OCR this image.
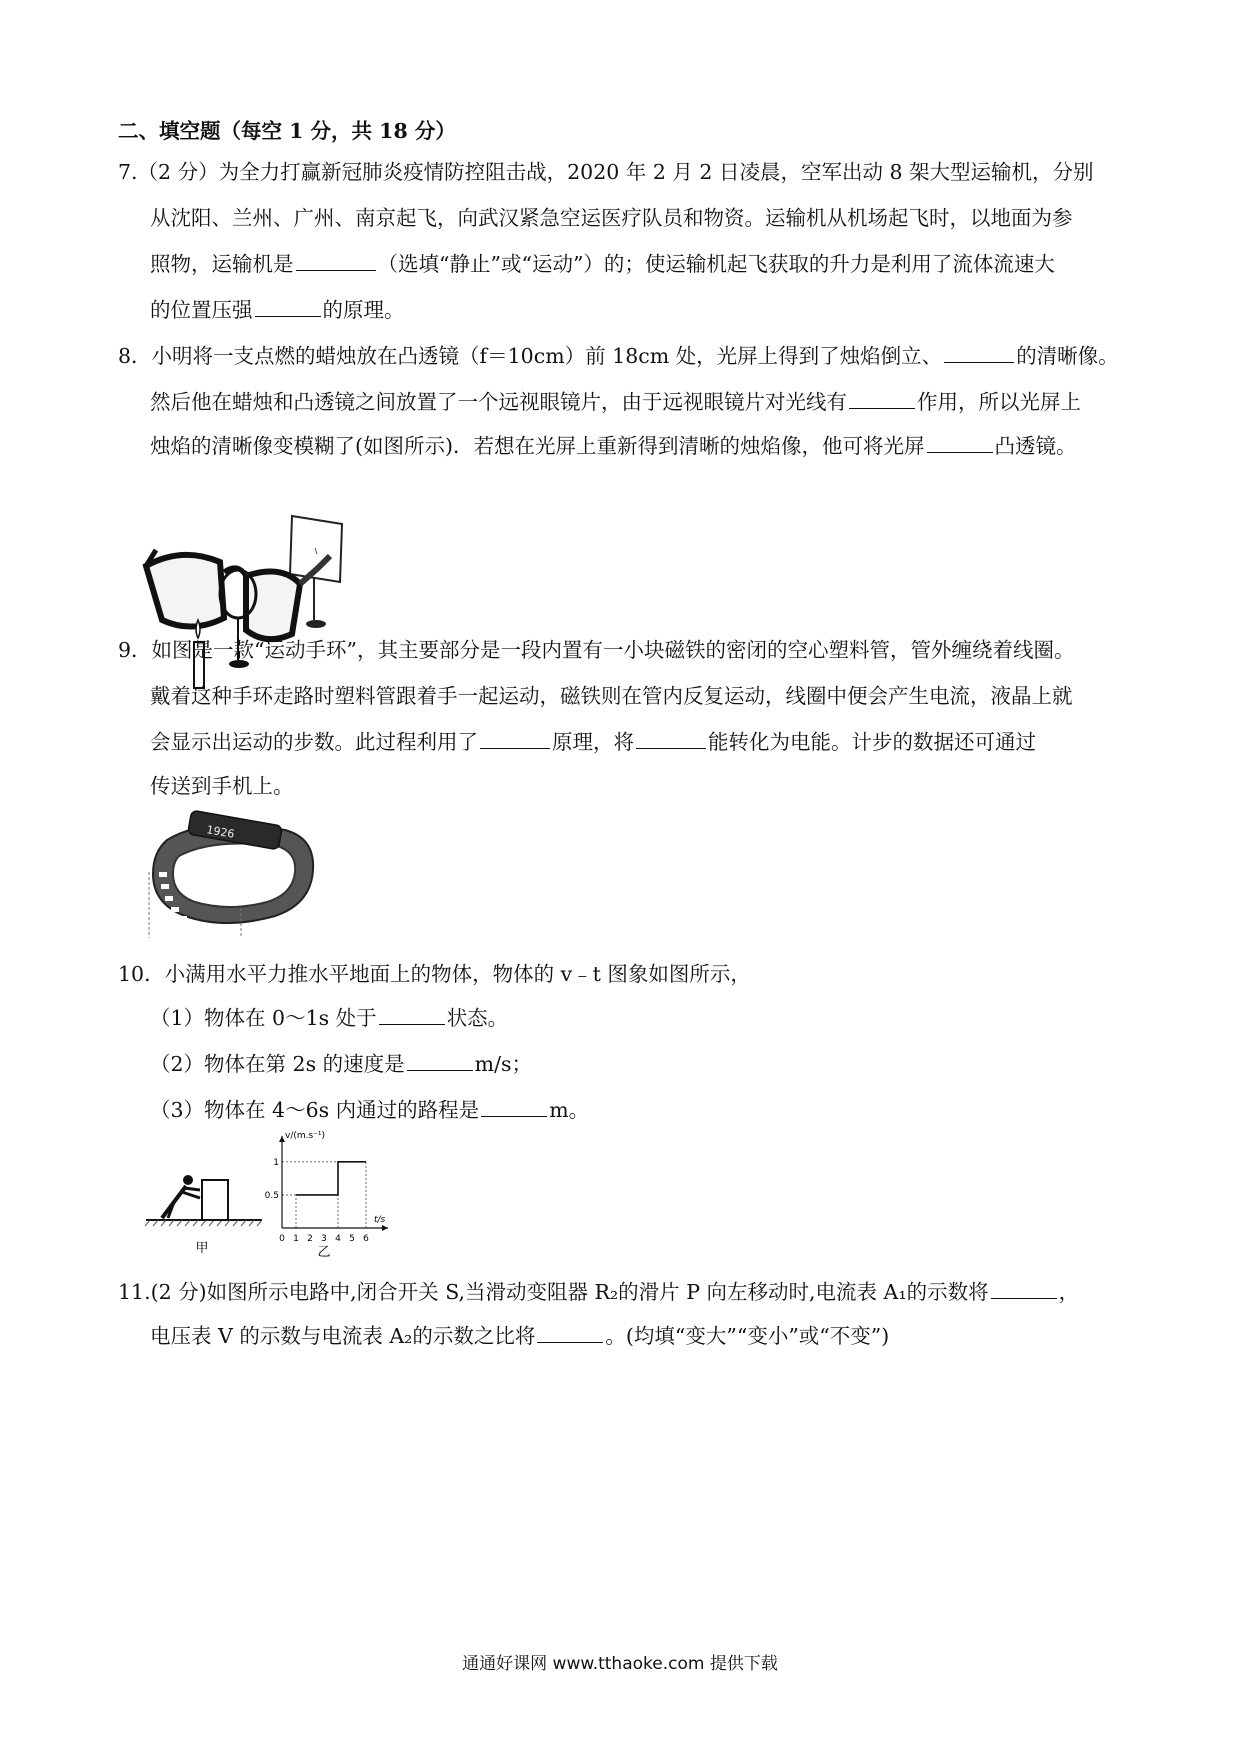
二、填空题（每空 1 分，共 18 分）
7.（2 分）为全力打赢新冠肺炎疫情防控阻击战，2020 年 2 月 2 日凌晨，空军出动 8 架大型运输机，分别
从沈阳、兰州、广州、南京起飞，向武汉紧急空运医疗队员和物资。运输机从机场起飞时，以地面为参
照物，运输机是	（选填“静止”或“运动”）的；使运输机起飞获取的升力是利用了流体流速大
的位置压强	的原理。
8．小明将一支点燃的蜡烛放在凸透镜（f＝10cm）前 18cm 处，光屏上得到了烛焰倒立、	的清晰像。
然后他在蜡烛和凸透镜之间放置了一个远视眼镜片，由于远视眼镜片对光线有	作用，所以光屏上
烛焰的清晰像变模糊了(如图所示)．若想在光屏上重新得到清晰的烛焰像，他可将光屏	凸透镜。
9．如图是一款“运动手环”，其主要部分是一段内置有一小块磁铁的密闭的空心塑料管，管外缠绕着线圈。
戴着这种手环走路时塑料管跟着手一起运动，磁铁则在管内反复运动，线圈中便会产生电流，液晶上就
会显示出运动的步数。此过程利用了	原理，将	能转化为电能。计步的数据还可通过
传送到手机上。
1926
10．小满用水平力推水平地面上的物体，物体的 v﹣t 图象如图所示，
（1）物体在 0～1s 处于	状态。
（2）物体在第 2s 的速度是	m/s；
（3）物体在 4～6s 内通过的路程是	m。
甲
0 1 2 3 4 5 6
0.5
1
v/(m.s⁻¹)
t/s
乙
11.(2 分)如图所示电路中,闭合开关 S,当滑动变阻器 R₂的滑片 P 向左移动时,电流表 A₁的示数将	，
电压表 V 的示数与电流表 A₂的示数之比将	。(均填“变大”“变小”或“不变”)
通通好课网 www.tthaoke.com 提供下载
